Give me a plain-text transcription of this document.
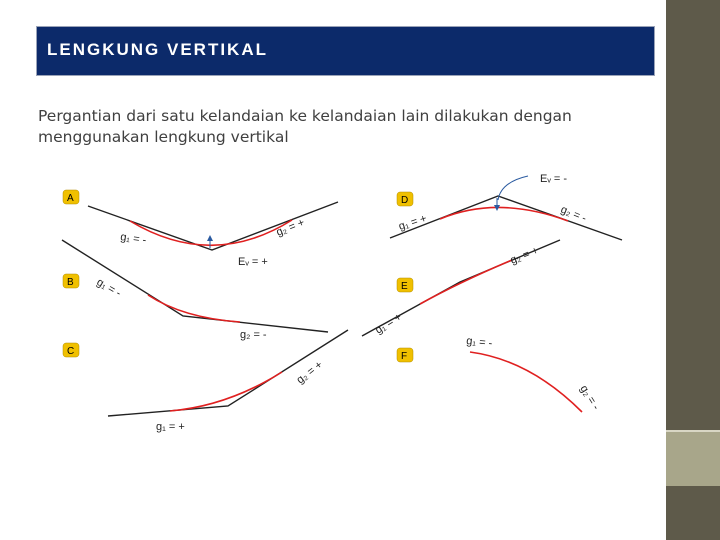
LENGKUNG VERTIKAL
Pergantian dari satu kelandaian ke kelandaian lain dilakukan dengan menggunakan lengkung vertikal
A
g₁ = -
g₂ = +
Eᵥ = +
B g₁ = -
g₂ = -
C
g₁ = +
g₂ = +
D
g₁ = +	g₂ = -
Eᵥ = -
E
g₁ = +
g₂ = +
F
g₁ = -
g₂ = -
